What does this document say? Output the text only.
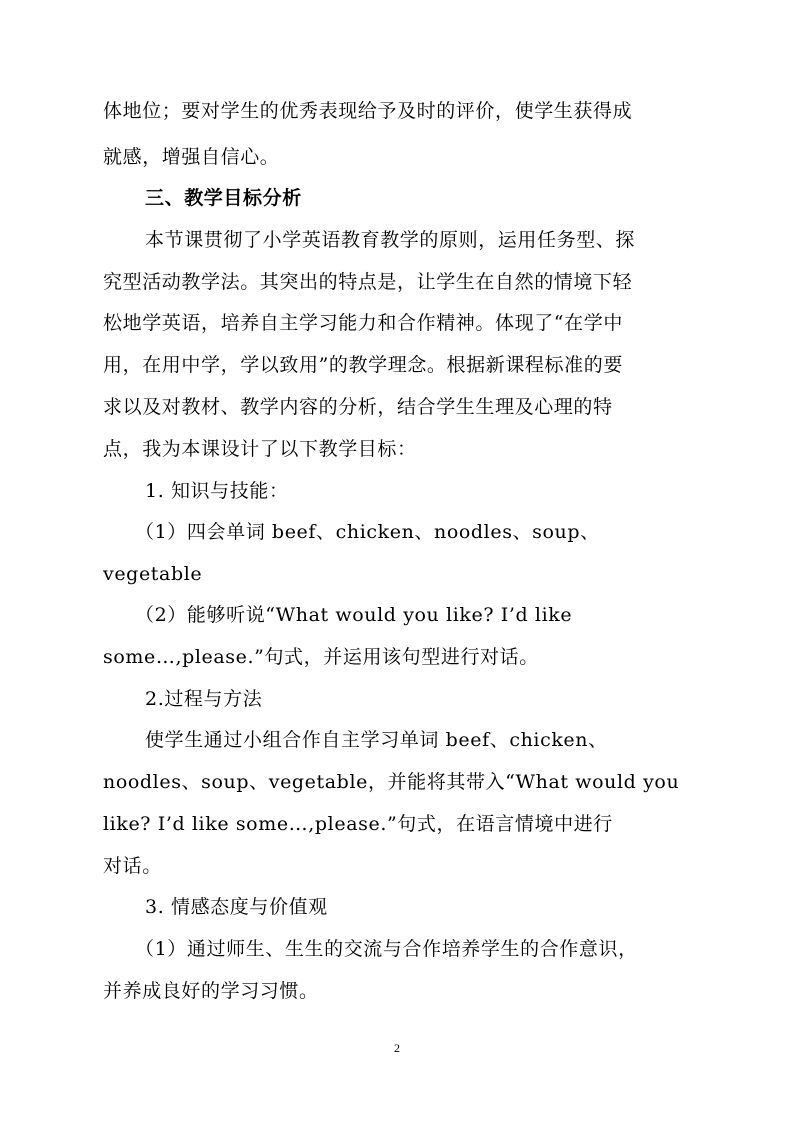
体地位；要对学生的优秀表现给予及时的评价，使学生获得成
就感，增强自信心。
三、教学目标分析
本节课贯彻了小学英语教育教学的原则，运用任务型、探
究型活动教学法。其突出的特点是，让学生在自然的情境下轻
松地学英语，培养自主学习能力和合作精神。体现了“在学中
用，在用中学，学以致用”的教学理念。根据新课程标准的要
求以及对教材、教学内容的分析，结合学生生理及心理的特
点，我为本课设计了以下教学目标：
1. 知识与技能：
（1）四会单词 beef、chicken、noodles、soup、
vegetable
（2）能够听说“What would you like? I’d like
some…,please.”句式，并运用该句型进行对话。
2.过程与方法
使学生通过小组合作自主学习单词 beef、chicken、
noodles、soup、vegetable，并能将其带入“What would you
like? I’d like some…,please.”句式，在语言情境中进行
对话。
3. 情感态度与价值观
（1）通过师生、生生的交流与合作培养学生的合作意识，
并养成良好的学习习惯。
2
